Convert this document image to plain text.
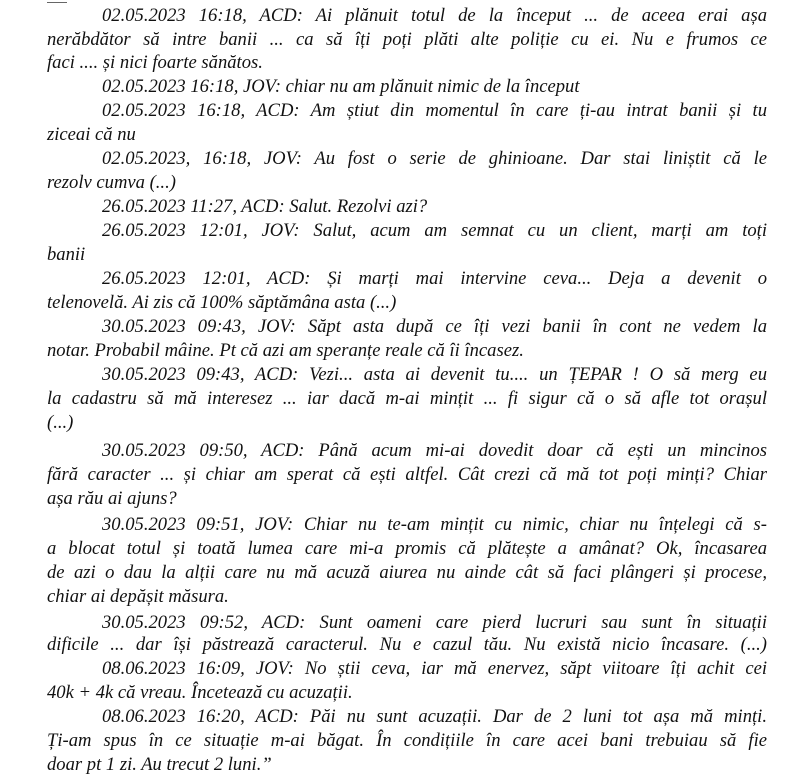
02.05.2023 16:18, ACD: Ai plănuit totul de la început ... de aceea erai așa
nerăbdător să intre banii ... ca să îți poți plăti alte poliție cu ei. Nu e frumos ce
faci .... și nici foarte sănătos.
02.05.2023 16:18, JOV: chiar nu am plănuit nimic de la început
02.05.2023 16:18, ACD: Am știut din momentul în care ți-au intrat banii și tu
ziceai că nu
02.05.2023, 16:18, JOV: Au fost o serie de ghinioane. Dar stai liniștit că le
rezolv cumva (...)
26.05.2023 11:27, ACD: Salut. Rezolvi azi?
26.05.2023 12:01, JOV: Salut, acum am semnat cu un client, marți am toți
banii
26.05.2023 12:01, ACD: Și marți mai intervine ceva... Deja a devenit o
telenovelă. Ai zis că 100% săptămâna asta (...)
30.05.2023 09:43, JOV: Săpt asta după ce îți vezi banii în cont ne vedem la
notar. Probabil mâine. Pt că azi am speranțe reale că îi încasez.
30.05.2023 09:43, ACD: Vezi... asta ai devenit tu.... un ȚEPAR ! O să merg eu
la cadastru să mă interesez ... iar dacă m-ai mințit ... fi sigur că o să afle tot orașul
(...)
30.05.2023 09:50, ACD: Până acum mi-ai dovedit doar că ești un mincinos
fără caracter ... și chiar am sperat că ești altfel. Cât crezi că mă tot poți minți? Chiar
așa rău ai ajuns?
30.05.2023 09:51, JOV: Chiar nu te-am mințit cu nimic, chiar nu înțelegi că s-
a blocat totul și toată lumea care mi-a promis că plătește a amânat? Ok, încasarea
de azi o dau la alții care nu mă acuză aiurea nu ainde cât să faci plângeri și procese,
chiar ai depășit măsura.
30.05.2023 09:52, ACD: Sunt oameni care pierd lucruri sau sunt în situații
dificile ... dar își păstrează caracterul. Nu e cazul tău. Nu există nicio încasare. (...)
08.06.2023 16:09, JOV: No știi ceva, iar mă enervez, săpt viitoare îți achit cei
40k + 4k că vreau. Încetează cu acuzații.
08.06.2023 16:20, ACD: Păi nu sunt acuzații. Dar de 2 luni tot așa mă minți.
Ți-am spus în ce situație m-ai băgat. În condițiile în care acei bani trebuiau să fie
doar pt 1 zi. Au trecut 2 luni.”
